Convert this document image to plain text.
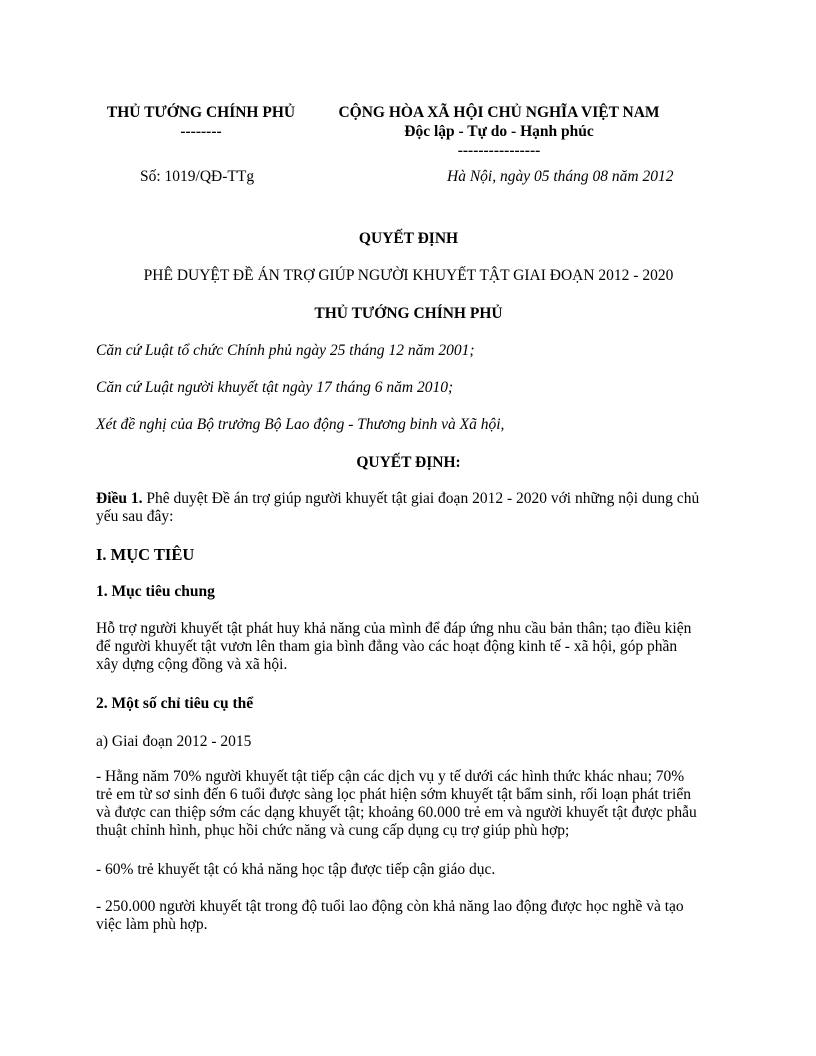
THỦ TƯỚNG CHÍNH PHỦ
--------
CỘNG HÒA XÃ HỘI CHỦ NGHĨA VIỆT NAM
Độc lập - Tự do - Hạnh phúc
----------------
Số: 1019/QĐ-TTg	Hà Nội, ngày 05 tháng 08 năm 2012
QUYẾT ĐỊNH
PHÊ DUYỆT ĐỀ ÁN TRỢ GIÚP NGƯỜI KHUYẾT TẬT GIAI ĐOẠN 2012 - 2020
THỦ TƯỚNG CHÍNH PHỦ
Căn cứ Luật tổ chức Chính phủ ngày 25 tháng 12 năm 2001;
Căn cứ Luật người khuyết tật ngày 17 tháng 6 năm 2010;
Xét đề nghị của Bộ trưởng Bộ Lao động - Thương binh và Xã hội,
QUYẾT ĐỊNH:
Điều 1. Phê duyệt Đề án trợ giúp người khuyết tật giai đoạn 2012 - 2020 với những nội dung chủ
yếu sau đây:
I. MỤC TIÊU
1. Mục tiêu chung
Hỗ trợ người khuyết tật phát huy khả năng của mình để đáp ứng nhu cầu bản thân; tạo điều kiện
để người khuyết tật vươn lên tham gia bình đẳng vào các hoạt động kinh tế - xã hội, góp phần
xây dựng cộng đồng và xã hội.
2. Một số chỉ tiêu cụ thể
a) Giai đoạn 2012 - 2015
- Hằng năm 70% người khuyết tật tiếp cận các dịch vụ y tế dưới các hình thức khác nhau; 70%
trẻ em từ sơ sinh đến 6 tuổi được sàng lọc phát hiện sớm khuyết tật bẩm sinh, rối loạn phát triển
và được can thiệp sớm các dạng khuyết tật; khoảng 60.000 trẻ em và người khuyết tật được phẫu
thuật chỉnh hình, phục hồi chức năng và cung cấp dụng cụ trợ giúp phù hợp;
- 60% trẻ khuyết tật có khả năng học tập được tiếp cận giáo dục.
- 250.000 người khuyết tật trong độ tuổi lao động còn khả năng lao động được học nghề và tạo
việc làm phù hợp.
